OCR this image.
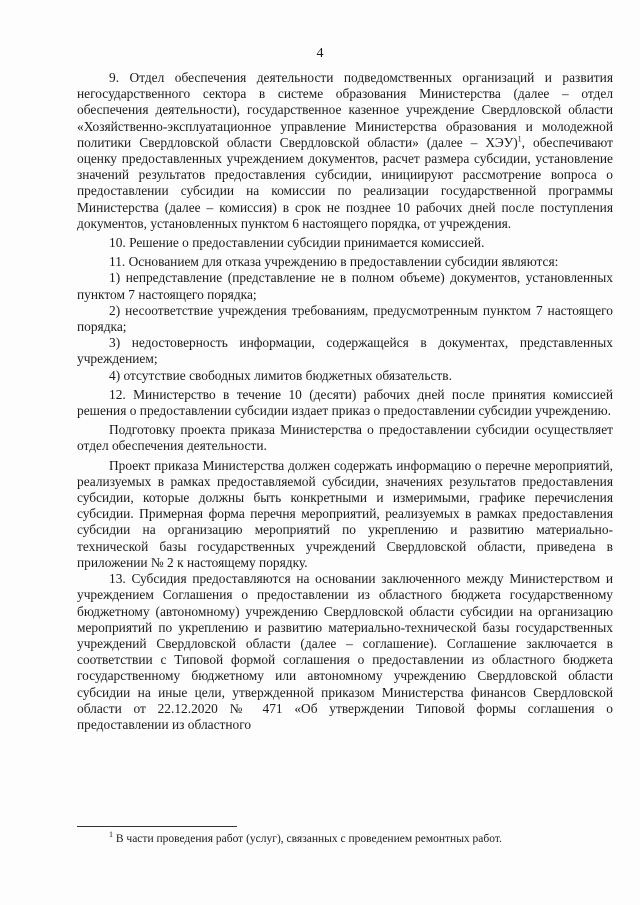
4

9. Отдел обеспечения деятельности подведомственных организаций и развития негосударственного сектора в системе образования Министерства (далее – отдел обеспечения деятельности), государственное казенное учреждение Свердловской области «Хозяйственно-эксплуатационное управление Министерства образования и молодежной политики Свердловской области Свердловской области» (далее – ХЭУ)$^1$, обеспечивают оценку предоставленных учреждением документов, расчет размера субсидии, установление значений результатов предоставления субсидии, инициируют рассмотрение вопроса о предоставлении субсидии на комиссии по реализации государственной программы Министерства (далее – комиссия) в срок не позднее 10 рабочих дней после поступления документов, установленных пунктом 6 настоящего порядка, от учреждения.

10. Решение о предоставлении субсидии принимается комиссией.

11. Основанием для отказа учреждению в предоставлении субсидии являются:

1) непредставление (представление не в полном объеме) документов, установленных пунктом 7 настоящего порядка;

2) несоответствие учреждения требованиям, предусмотренным пунктом 7 настоящего порядка;

3) недостоверность информации, содержащейся в документах, представленных учреждением;

4) отсутствие свободных лимитов бюджетных обязательств.

12. Министерство в течение 10 (десяти) рабочих дней после принятия комиссией решения о предоставлении субсидии издает приказ о предоставлении субсидии учреждению.

Подготовку проекта приказа Министерства о предоставлении субсидии осуществляет отдел обеспечения деятельности.

Проект приказа Министерства должен содержать информацию о перечне мероприятий, реализуемых в рамках предоставляемой субсидии, значениях результатов предоставления субсидии, которые должны быть конкретными и измеримыми, графике перечисления субсидии. Примерная форма перечня мероприятий, реализуемых в рамках предоставления субсидии на организацию мероприятий по укреплению и развитию материально-технической базы государственных учреждений Свердловской области, приведена в приложении № 2 к настоящему порядку.

13. Субсидия предоставляются на основании заключенного между Министерством и учреждением Соглашения о предоставлении из областного бюджета государственному бюджетному (автономному) учреждению Свердловской области субсидии на организацию мероприятий по укреплению и развитию материально-технической базы государственных учреждений Свердловской области (далее – соглашение). Соглашение заключается в соответствии с Типовой формой соглашения о предоставлении из областного бюджета государственному бюджетному или автономному учреждению Свердловской области субсидии на иные цели, утвержденной приказом Министерства финансов Свердловской области от 22.12.2020 № 471 «Об утверждении Типовой формы соглашения о предоставлении из областного

$^1$ В части проведения работ (услуг), связанных с проведением ремонтных работ.
